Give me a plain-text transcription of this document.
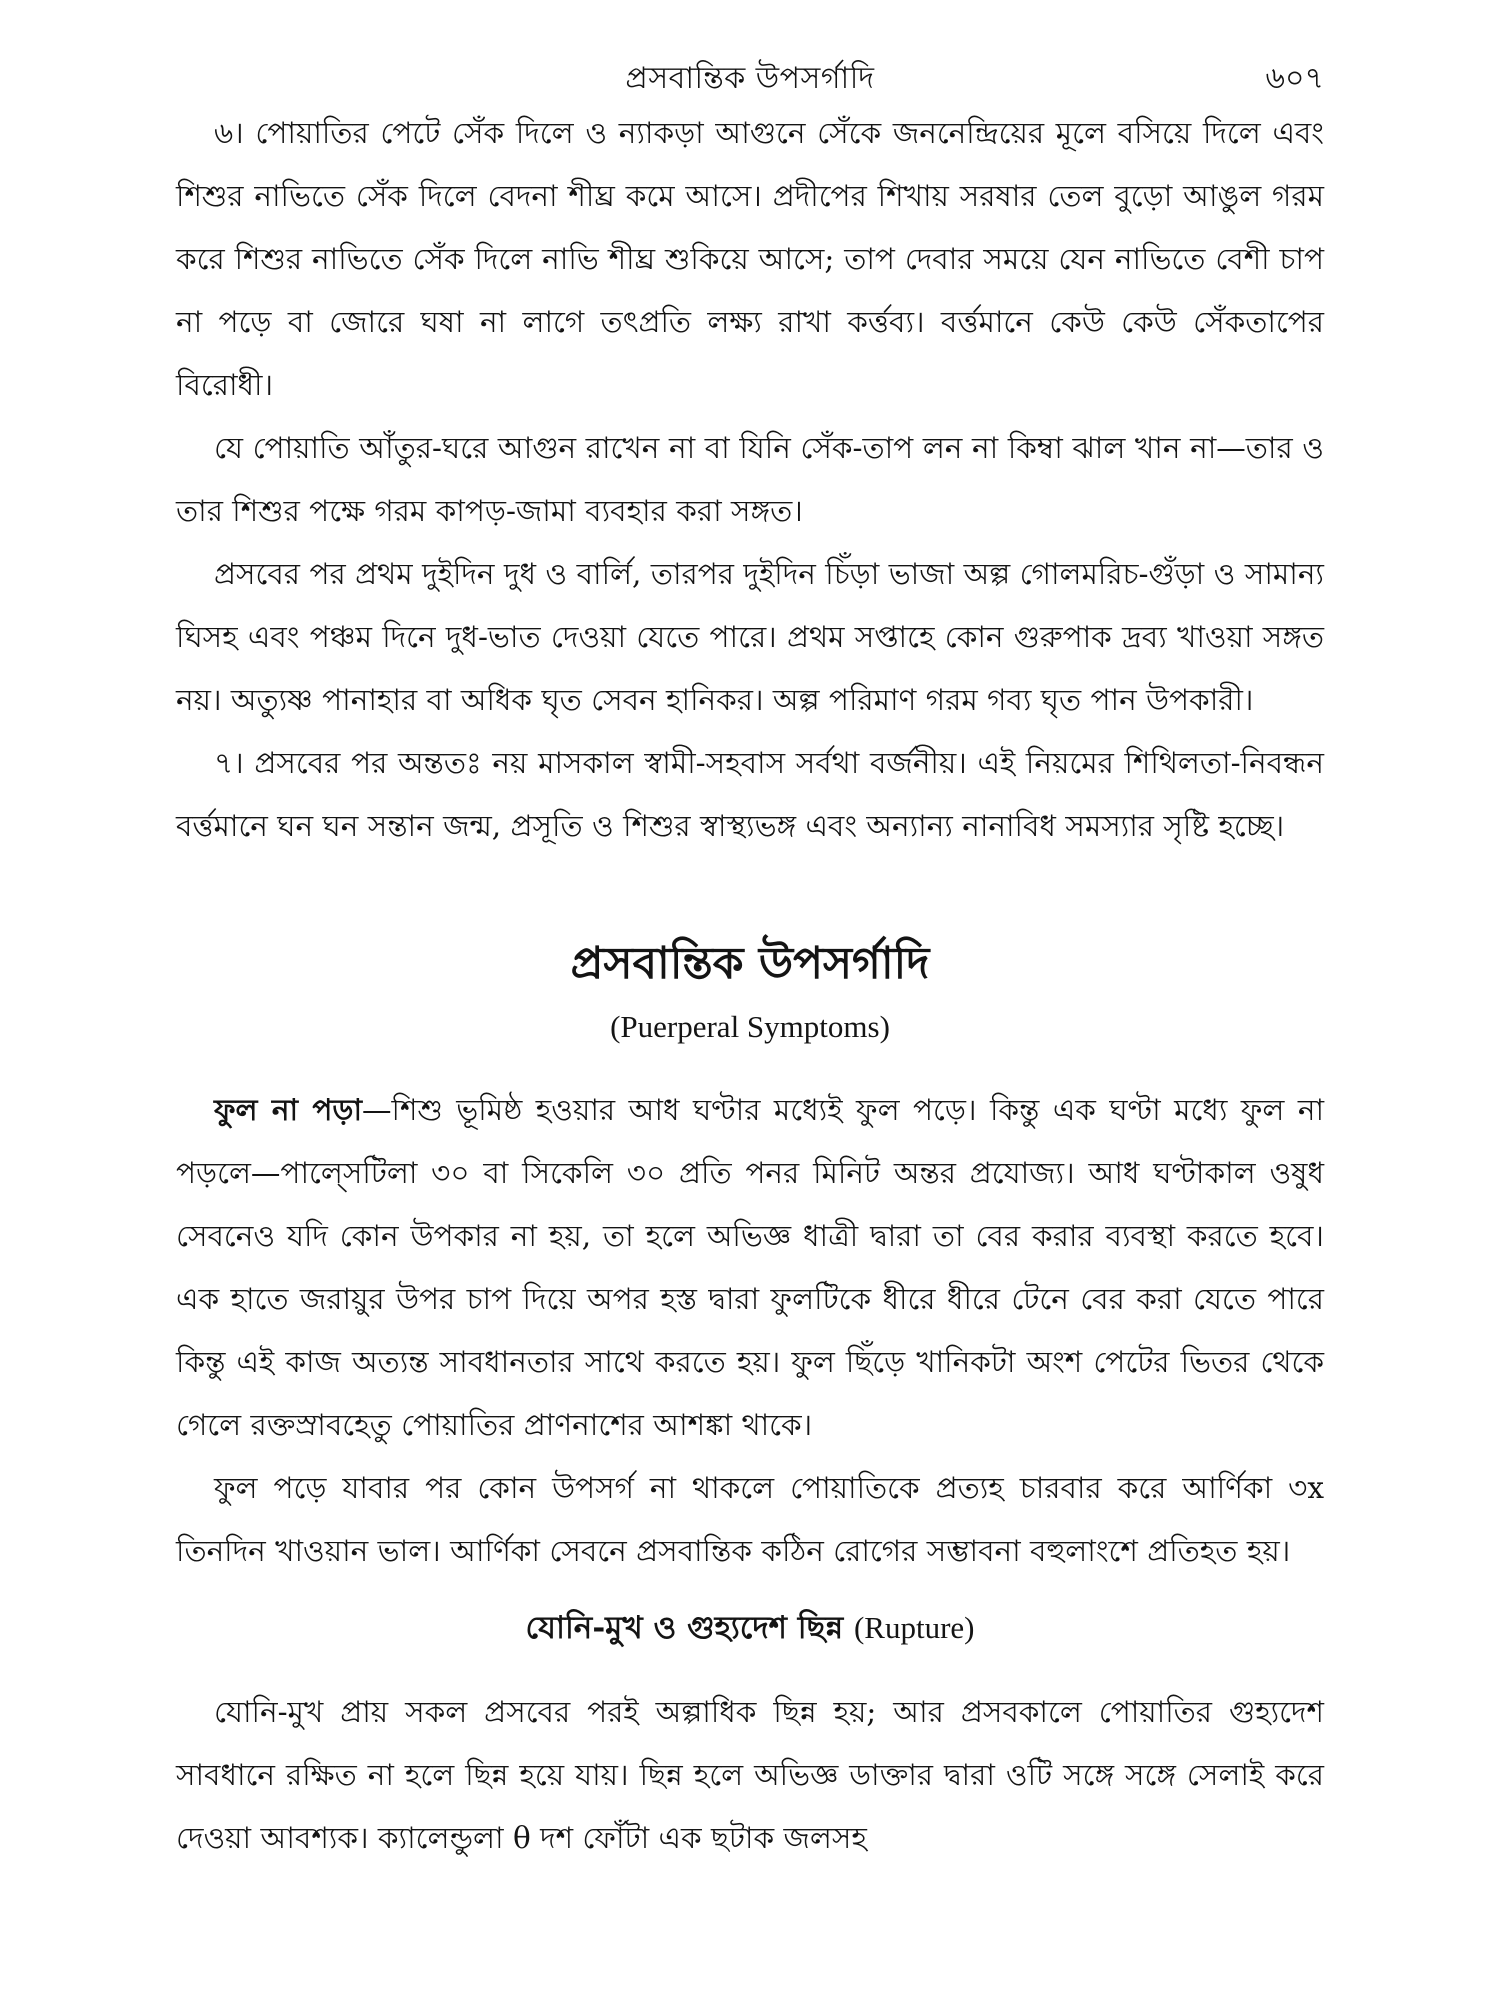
প্রসবান্তিক উপসর্গাদি	৬০৭

৬। পোয়াতির পেটে সেঁক দিলে ও ন্যাকড়া আগুনে সেঁকে জননেন্দ্রিয়ের মূলে বসিয়ে দিলে এবং শিশুর নাভিতে সেঁক দিলে বেদনা শীঘ্র কমে আসে। প্রদীপের শিখায় সরষার তেল বুড়ো আঙুল গরম করে শিশুর নাভিতে সেঁক দিলে নাভি শীঘ্র শুকিয়ে আসে; তাপ দেবার সময়ে যেন নাভিতে বেশী চাপ না পড়ে বা জোরে ঘষা না লাগে তৎপ্রতি লক্ষ্য রাখা কর্ত্তব্য। বর্ত্তমানে কেউ কেউ সেঁকতাপের বিরোধী।

যে পোয়াতি আঁতুর-ঘরে আগুন রাখেন না বা যিনি সেঁক-তাপ লন না কিম্বা ঝাল খান না—তার ও তার শিশুর পক্ষে গরম কাপড়-জামা ব্যবহার করা সঙ্গত।

প্রসবের পর প্রথম দুইদিন দুধ ও বার্লি, তারপর দুইদিন চিঁড়া ভাজা অল্প গোলমরিচ-গুঁড়া ও সামান্য ঘিসহ এবং পঞ্চম দিনে দুধ-ভাত দেওয়া যেতে পারে। প্রথম সপ্তাহে কোন গুরুপাক দ্রব্য খাওয়া সঙ্গত নয়। অত্যুষ্ণ পানাহার বা অধিক ঘৃত সেবন হানিকর। অল্প পরিমাণ গরম গব্য ঘৃত পান উপকারী।

৭। প্রসবের পর অন্ততঃ নয় মাসকাল স্বামী-সহবাস সর্বথা বর্জনীয়। এই নিয়মের শিথিলতা-নিবন্ধন বর্ত্তমানে ঘন ঘন সন্তান জন্ম, প্রসূতি ও শিশুর স্বাস্থ্যভঙ্গ এবং অন্যান্য নানাবিধ সমস্যার সৃষ্টি হচ্ছে।

প্রসবান্তিক উপসর্গাদি
(Puerperal Symptoms)

ফুল না পড়া—শিশু ভূমিষ্ঠ হওয়ার আধ ঘণ্টার মধ্যেই ফুল পড়ে। কিন্তু এক ঘণ্টা মধ্যে ফুল না পড়লে—পাল্সেটিলা ৩০ বা সিকেলি ৩০ প্রতি পনর মিনিট অন্তর প্রযোজ্য। আধ ঘণ্টাকাল ওষুধ সেবনেও যদি কোন উপকার না হয়, তা হলে অভিজ্ঞ ধাত্রী দ্বারা তা বের করার ব্যবস্থা করতে হবে। এক হাতে জরায়ুর উপর চাপ দিয়ে অপর হস্ত দ্বারা ফুলটিকে ধীরে ধীরে টেনে বের করা যেতে পারে কিন্তু এই কাজ অত্যন্ত সাবধানতার সাথে করতে হয়। ফুল ছিঁড়ে খানিকটা অংশ পেটের ভিতর থেকে গেলে রক্তস্রাবহেতু পোয়াতির প্রাণনাশের আশঙ্কা থাকে।

ফুল পড়ে যাবার পর কোন উপসর্গ না থাকলে পোয়াতিকে প্রত্যহ চারবার করে আর্ণিকা ৩x তিনদিন খাওয়ান ভাল। আর্ণিকা সেবনে প্রসবান্তিক কঠিন রোগের সম্ভাবনা বহুলাংশে প্রতিহত হয়।

যোনি-মুখ ও গুহ্যদেশ ছিন্ন (Rupture)

যোনি-মুখ প্রায় সকল প্রসবের পরই অল্পাধিক ছিন্ন হয়; আর প্রসবকালে পোয়াতির গুহ্যদেশ সাবধানে রক্ষিত না হলে ছিন্ন হয়ে যায়। ছিন্ন হলে অভিজ্ঞ ডাক্তার দ্বারা ওটি সঙ্গে সঙ্গে সেলাই করে দেওয়া আবশ্যক। ক্যালেন্ডুলা θ দশ ফোঁটা এক ছটাক জলসহ
